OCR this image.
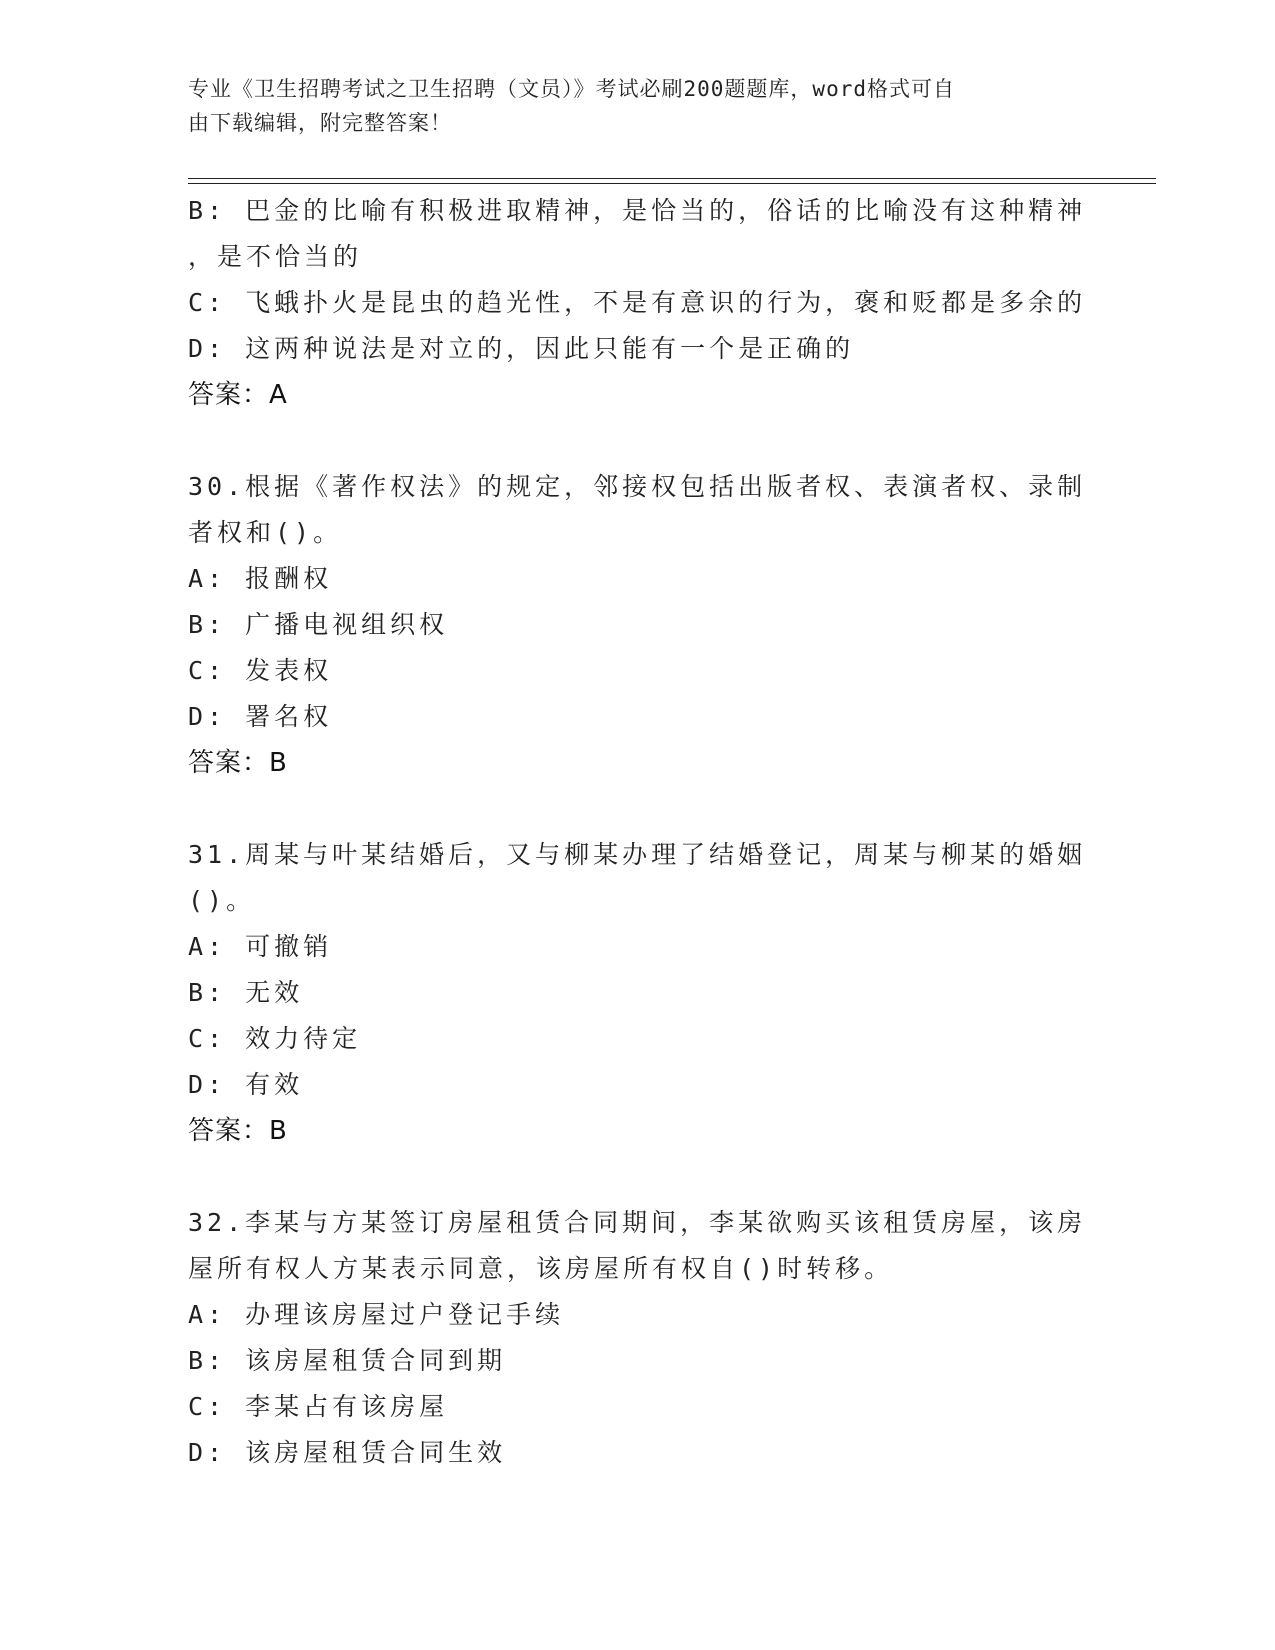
专业《卫生招聘考试之卫生招聘（文员）》考试必刷200题题库，word格式可自
由下载编辑，附完整答案！
B: 巴金的比喻有积极进取精神，是恰当的，俗话的比喻没有这种精神
，是不恰当的
C: 飞蛾扑火是昆虫的趋光性，不是有意识的行为，褒和贬都是多余的
D: 这两种说法是对立的，因此只能有一个是正确的
答案：A
30.根据《著作权法》的规定，邻接权包括出版者权、表演者权、录制
者权和()。
A: 报酬权
B: 广播电视组织权
C: 发表权
D: 署名权
答案：B
31.周某与叶某结婚后，又与柳某办理了结婚登记，周某与柳某的婚姻
()。
A: 可撤销
B: 无效
C: 效力待定
D: 有效
答案：B
32.李某与方某签订房屋租赁合同期间，李某欲购买该租赁房屋，该房
屋所有权人方某表示同意，该房屋所有权自()时转移。
A: 办理该房屋过户登记手续
B: 该房屋租赁合同到期
C: 李某占有该房屋
D: 该房屋租赁合同生效
